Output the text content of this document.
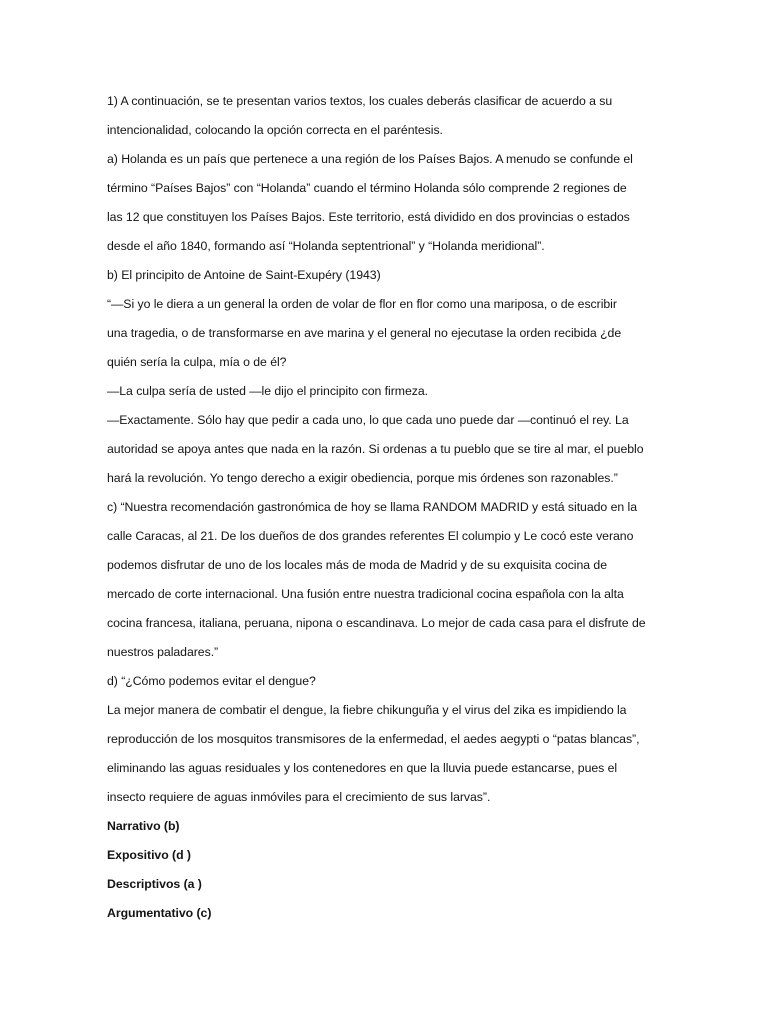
1) A continuación, se te presentan varios textos, los cuales deberás clasificar de acuerdo a su
intencionalidad, colocando la opción correcta en el paréntesis.
a) Holanda es un país que pertenece a una región de los Países Bajos. A menudo se confunde el
término “Países Bajos” con “Holanda” cuando el término Holanda sólo comprende 2 regiones de
las 12 que constituyen los Países Bajos. Este territorio, está dividido en dos provincias o estados
desde el año 1840, formando así “Holanda septentrional” y “Holanda meridional”.
b) El principito de Antoine de Saint-Exupéry (1943)
“—Si yo le diera a un general la orden de volar de flor en flor como una mariposa, o de escribir
una tragedia, o de transformarse en ave marina y el general no ejecutase la orden recibida ¿de
quién sería la culpa, mía o de él?
—La culpa sería de usted —le dijo el principito con firmeza.
—Exactamente. Sólo hay que pedir a cada uno, lo que cada uno puede dar —continuó el rey. La
autoridad se apoya antes que nada en la razón. Si ordenas a tu pueblo que se tire al mar, el pueblo
hará la revolución. Yo tengo derecho a exigir obediencia, porque mis órdenes son razonables.”
c) “Nuestra recomendación gastronómica de hoy se llama RANDOM MADRID y está situado en la
calle Caracas, al 21. De los dueños de dos grandes referentes El columpio y Le cocó este verano
podemos disfrutar de uno de los locales más de moda de Madrid y de su exquisita cocina de
mercado de corte internacional. Una fusión entre nuestra tradicional cocina española con la alta
cocina francesa, italiana, peruana, nipona o escandinava. Lo mejor de cada casa para el disfrute de
nuestros paladares.”
d) “¿Cómo podemos evitar el dengue?
La mejor manera de combatir el dengue, la fiebre chikunguña y el virus del zika es impidiendo la
reproducción de los mosquitos transmisores de la enfermedad, el aedes aegypti o “patas blancas”,
eliminando las aguas residuales y los contenedores en que la lluvia puede estancarse, pues el
insecto requiere de aguas inmóviles para el crecimiento de sus larvas”.
Narrativo (b)
Expositivo (d )
Descriptivos (a )
Argumentativo (c)
